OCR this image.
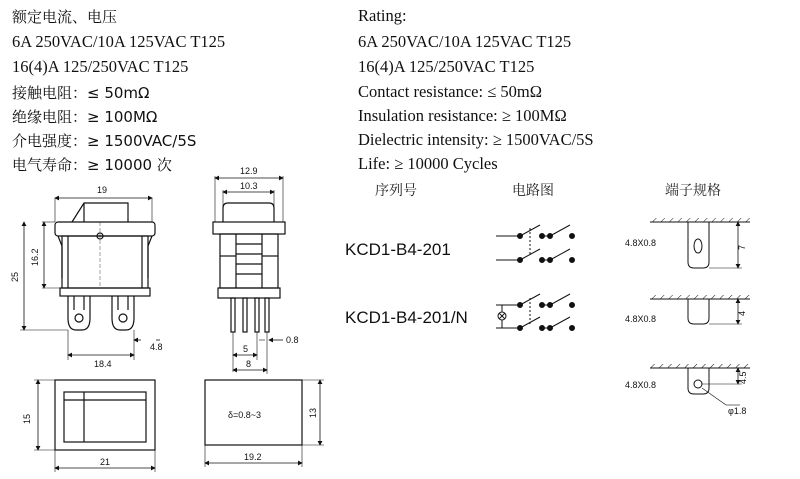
额定电流、电压
6A 250VAC/10A 125VAC T125
16(4)A 125/250VAC T125
接触电阻：≤ 50mΩ
绝缘电阻：≥ 100MΩ
介电强度：≥ 1500VAC/5S
电气寿命：≥ 10000 次
Rating:
6A 250VAC/10A 125VAC T125
16(4)A 125/250VAC T125
Contact resistance: ≤ 50mΩ
Insulation resistance: ≥ 100MΩ
Dielectric intensity: ≥ 1500VAC/5S
Life: ≥ 10000 Cycles
序列号	电路图	端子规格
KCD1-B4-201
KCD1-B4-201/N
19
16.2
25
4.8
18.4
12.9
10.3
0.8
5
8
15
21
δ=0.8~3	13
19.2
4.8X0.8	7
4.8X0.8
4
4.8X0.8
4.5
φ1.8
